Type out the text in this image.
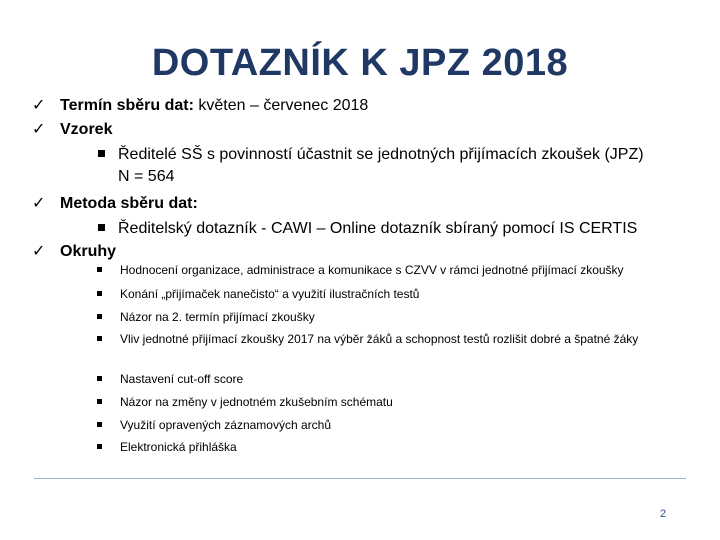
DOTAZNÍK K JPZ 2018
✓ Termín sběru dat: květen – červenec 2018
✓ Vzorek
Ředitelé SŠ s povinností účastnit se jednotných přijímacích zkoušek (JPZ)
N = 564
✓ Metoda sběru dat:
Ředitelský dotazník - CAWI – Online dotazník sbíraný pomocí IS CERTIS
✓ Okruhy
Hodnocení organizace, administrace a komunikace s CZVV v rámci jednotné přijímací zkoušky
Konání „přijímaček nanečisto“ a využití ilustračních testů
Názor na 2. termín přijímací zkoušky
Vliv jednotné přijímací zkoušky 2017 na výběr žáků a schopnost testů rozlišit dobré a špatné žáky
Nastavení cut-off score
Názor na změny v jednotném zkušebním schématu
Využití opravených záznamových archů
Elektronická přihláška
2
